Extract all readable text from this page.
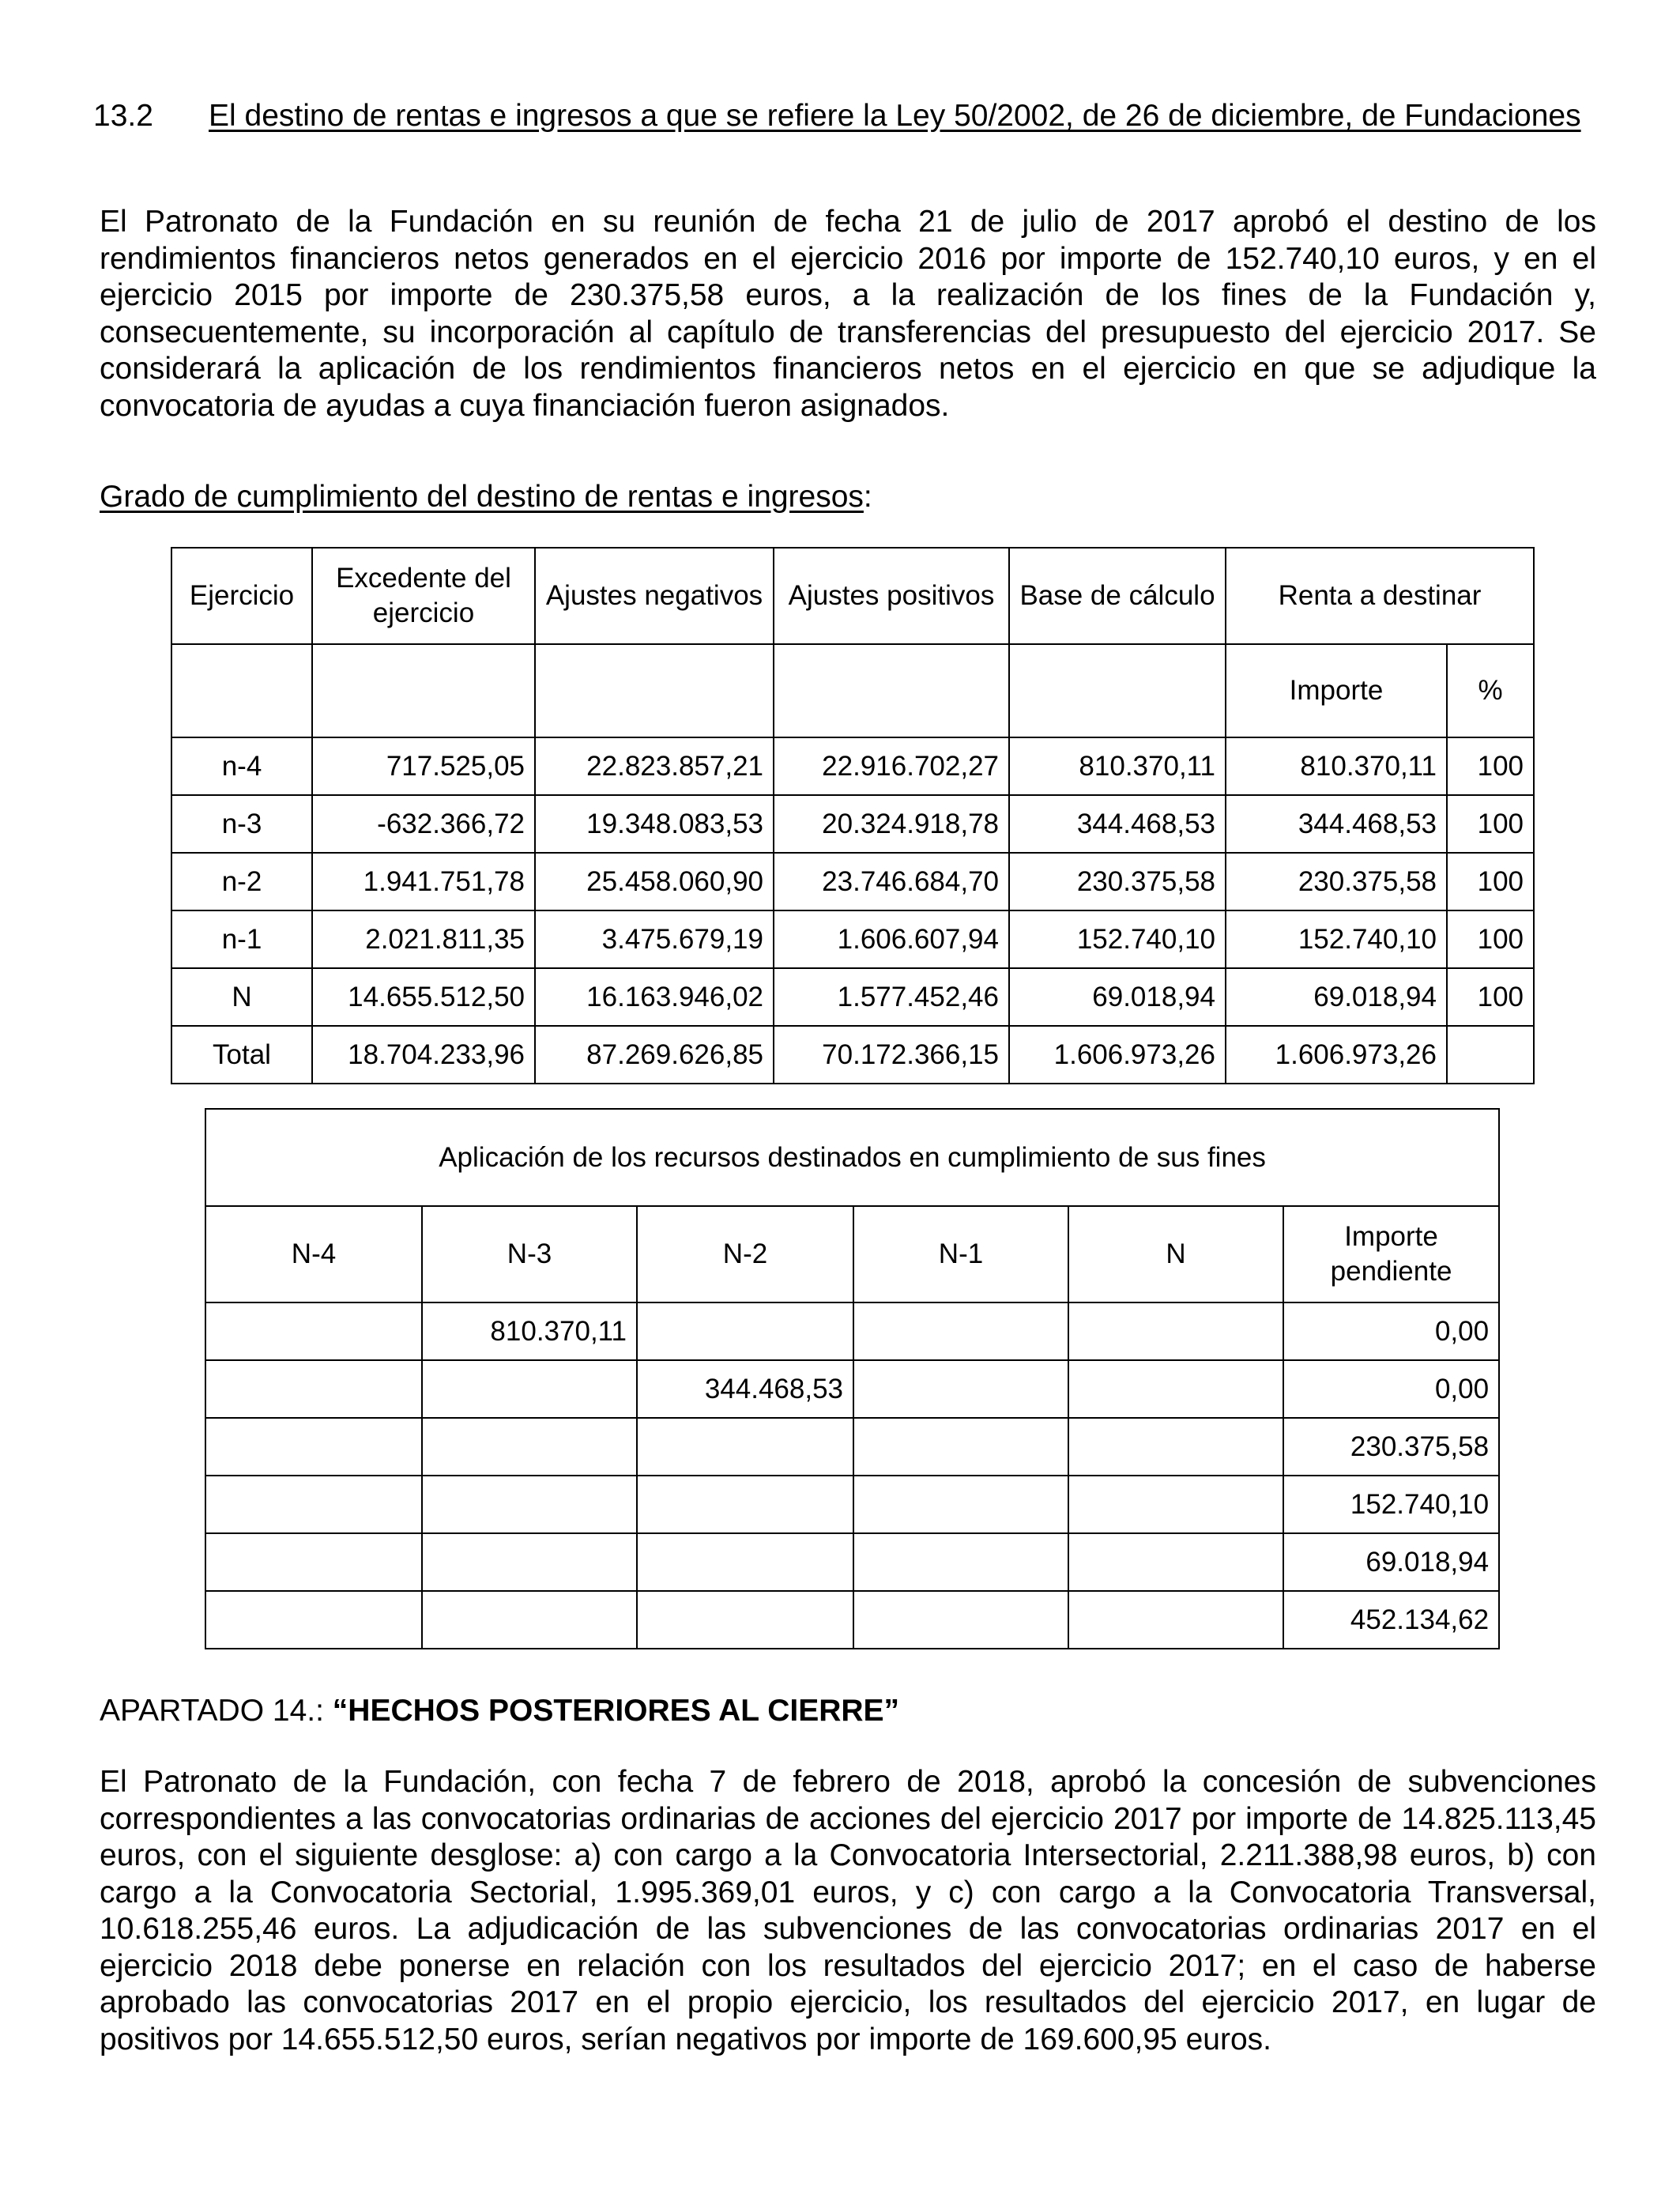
13.2 El destino de rentas e ingresos a que se refiere la Ley 50/2002, de 26 de diciembre, de Fundaciones

El Patronato de la Fundación en su reunión de fecha 21 de julio de 2017 aprobó el destino de los rendimientos financieros netos generados en el ejercicio 2016 por importe de 152.740,10 euros, y en el ejercicio 2015 por importe de 230.375,58 euros, a la realización de los fines de la Fundación y, consecuentemente, su incorporación al capítulo de transferencias del presupuesto del ejercicio 2017. Se considerará la aplicación de los rendimientos financieros netos en el ejercicio en que se adjudique la convocatoria de ayudas a cuya financiación fueron asignados.

Grado de cumplimiento del destino de rentas e ingresos:
Ejercicio	Excedente del ejercicio	Ajustes negativos	Ajustes positivos	Base de cálculo	Renta a destinar	
					Importe	%
n-4	717.525,05	22.823.857,21	22.916.702,27	810.370,11	810.370,11	100
n-3	-632.366,72	19.348.083,53	20.324.918,78	344.468,53	344.468,53	100
n-2	1.941.751,78	25.458.060,90	23.746.684,70	230.375,58	230.375,58	100
n-1	2.021.811,35	3.475.679,19	1.606.607,94	152.740,10	152.740,10	100
N	14.655.512,50	16.163.946,02	1.577.452,46	69.018,94	69.018,94	100
Total	18.704.233,96	87.269.626,85	70.172.366,15	1.606.973,26	1.606.973,26	
Aplicación de los recursos destinados en cumplimiento de sus fines					
N-4	N-3	N-2	N-1	N	Importe pendiente
	810.370,11				0,00
		344.468,53			0,00
					230.375,58
					152.740,10
					69.018,94
					452.134,62
APARTADO 14.: “HECHOS POSTERIORES AL CIERRE”

El Patronato de la Fundación, con fecha 7 de febrero de 2018, aprobó la concesión de subvenciones correspondientes a las convocatorias ordinarias de acciones del ejercicio 2017 por importe de 14.825.113,45 euros, con el siguiente desglose: a) con cargo a la Convocatoria Intersectorial, 2.211.388,98 euros, b) con cargo a la Convocatoria Sectorial, 1.995.369,01 euros, y c) con cargo a la Convocatoria Transversal, 10.618.255,46 euros. La adjudicación de las subvenciones de las convocatorias ordinarias 2017 en el ejercicio 2018 debe ponerse en relación con los resultados del ejercicio 2017; en el caso de haberse aprobado las convocatorias 2017 en el propio ejercicio, los resultados del ejercicio 2017, en lugar de positivos por 14.655.512,50 euros, serían negativos por importe de 169.600,95 euros.
